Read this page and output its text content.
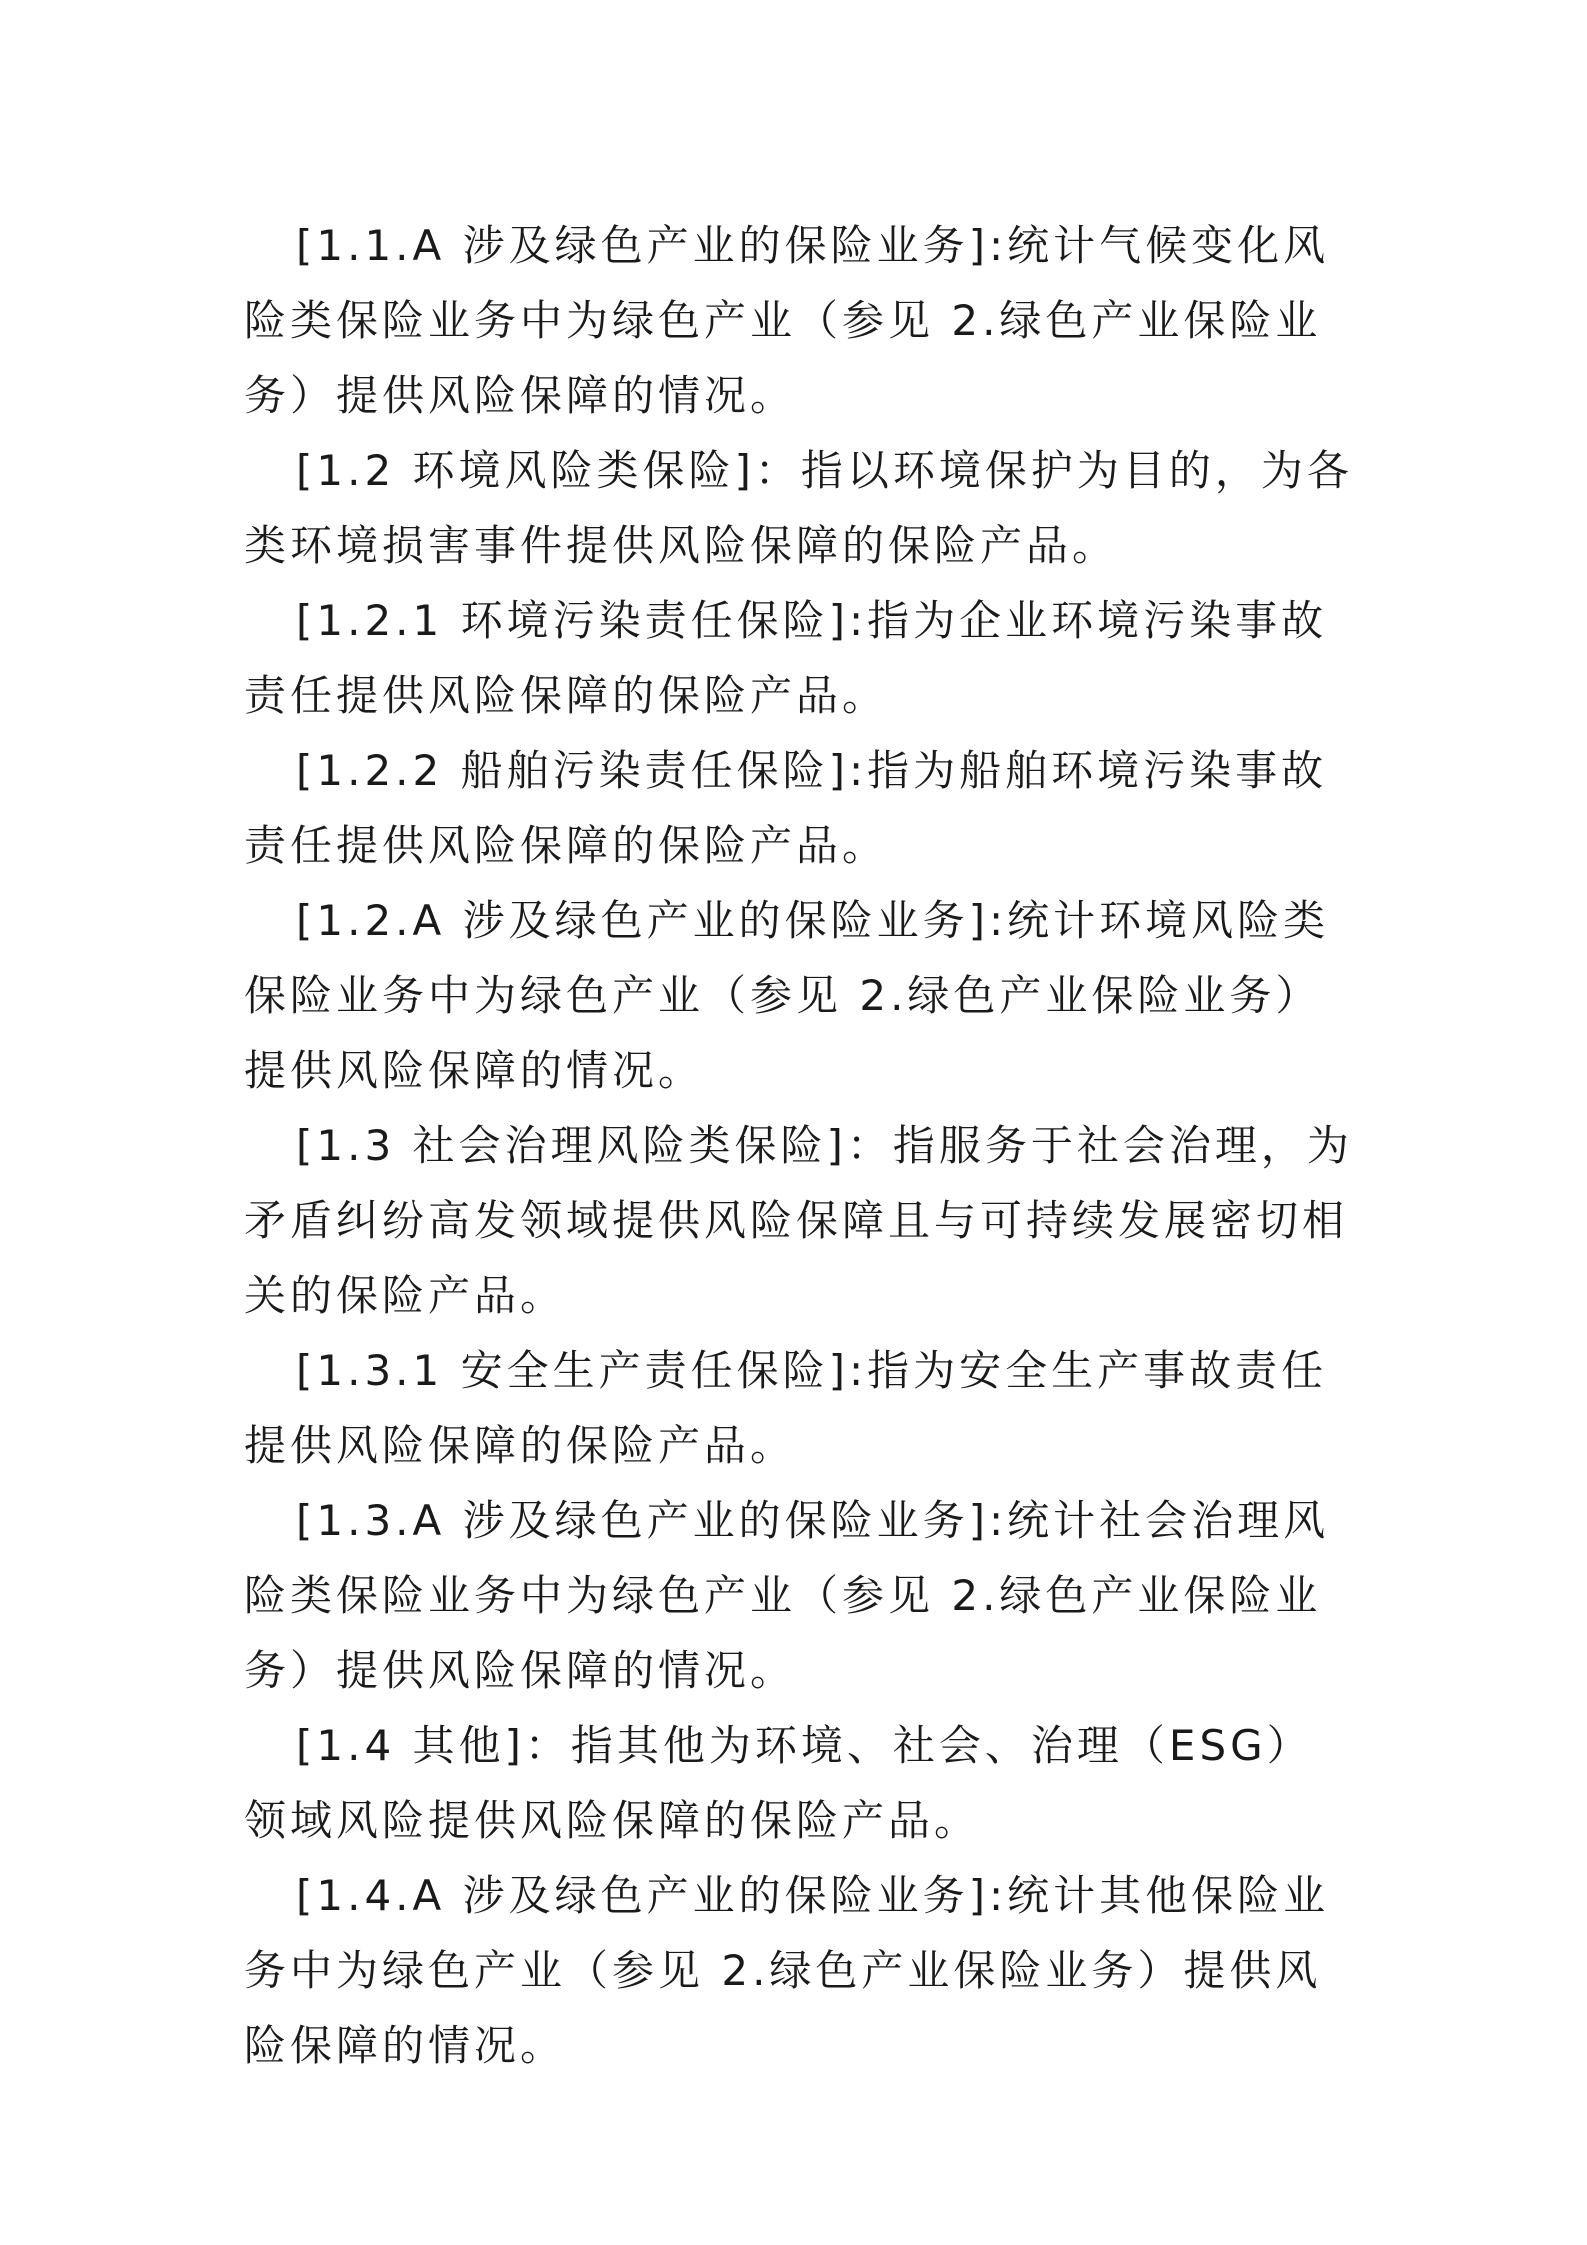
[1.1.A 涉及绿色产业的保险业务]:统计气候变化风险类保险业务中为绿色产业（参见 2.绿色产业保险业务）提供风险保障的情况。

[1.2 环境风险类保险]：指以环境保护为目的，为各类环境损害事件提供风险保障的保险产品。

[1.2.1 环境污染责任保险]:指为企业环境污染事故责任提供风险保障的保险产品。

[1.2.2 船舶污染责任保险]:指为船舶环境污染事故责任提供风险保障的保险产品。

[1.2.A 涉及绿色产业的保险业务]:统计环境风险类保险业务中为绿色产业（参见 2.绿色产业保险业务）提供风险保障的情况。

[1.3 社会治理风险类保险]：指服务于社会治理，为矛盾纠纷高发领域提供风险保障且与可持续发展密切相关的保险产品。

[1.3.1 安全生产责任保险]:指为安全生产事故责任提供风险保障的保险产品。

[1.3.A 涉及绿色产业的保险业务]:统计社会治理风险类保险业务中为绿色产业（参见 2.绿色产业保险业务）提供风险保障的情况。

[1.4 其他]：指其他为环境、社会、治理（ESG）领域风险提供风险保障的保险产品。

[1.4.A 涉及绿色产业的保险业务]:统计其他保险业务中为绿色产业（参见 2.绿色产业保险业务）提供风险保障的情况。
